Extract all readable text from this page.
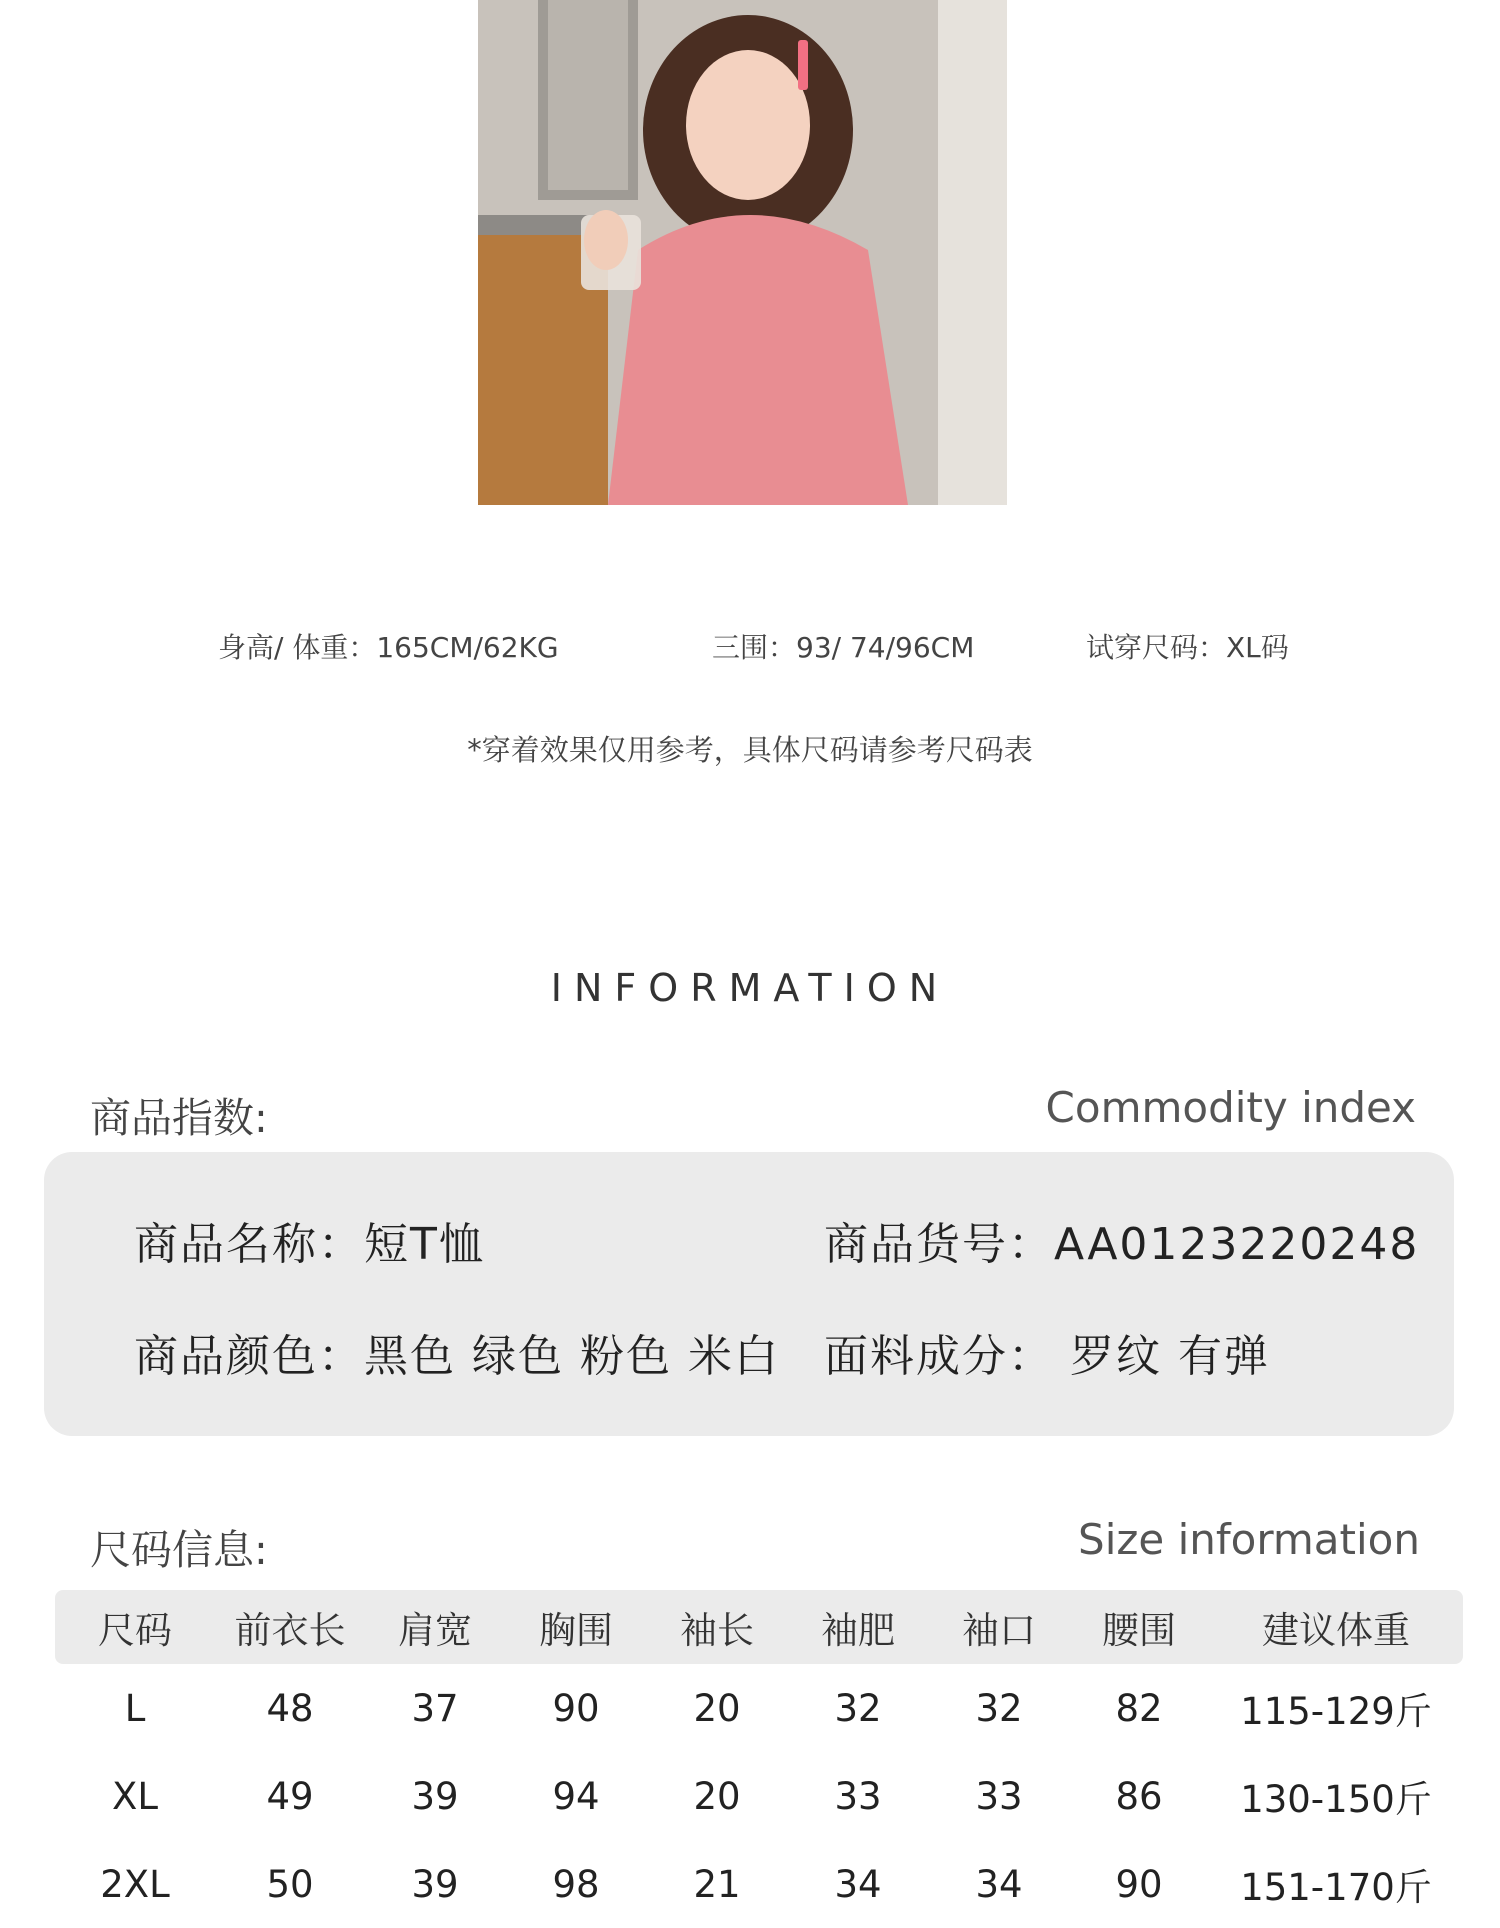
身高/ 体重：165CM/62KG	三围：93/ 74/96CM	试穿尺码：XL码
*穿着效果仅用参考，具体尺码请参考尺码表
INFORMATION
商品指数:	Commodity index
商品名称：短T恤	商品货号：AA0123220248
商品颜色：黑色 绿色 粉色 米白 面料成分： 罗纹 有弹
尺码信息:	Size information
尺码	前衣长	肩宽	胸围	袖长	袖肥	袖口	腰围	建议体重
L	48	37	90	20	32	32	82	115-129斤
XL	49	39	94	20	33	33	86	130-150斤
2XL	50	39	98	21	34	34	90	151-170斤
